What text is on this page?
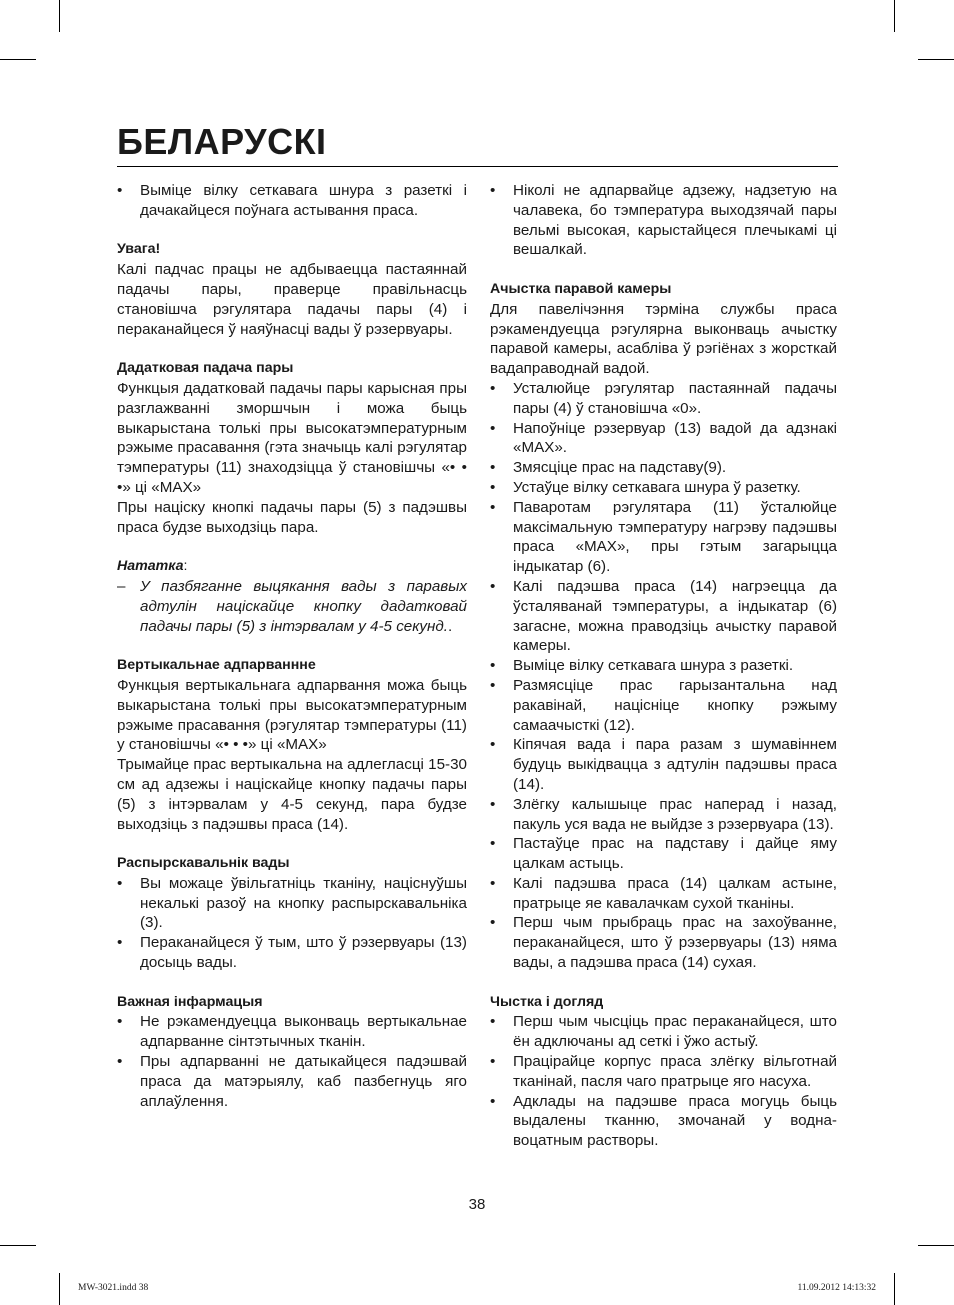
БЕЛАРУСКІ
•	Выміце вілку сеткавага шнура з разеткі і дачакайцеся поўнага астывання праса.

Увага!

Калі падчас працы не адбываецца пастаяннай падачы пары, праверце правільнасць становішча рэгулятара падачы пары (4) і пераканайцеся ў наяўнасці вады ў рэзервуары.

Дадатковая падача пары

Функцыя дадатковай падачы пары карысная пры разглажванні зморшчын і можа быць выкарыстана толькі пры высокатэмпературным рэжыме прасавання (гэта значыць калі рэгулятар тэмпературы (11) знаходзіцца ў становішчы «• • •» ці «MAX»

Пры націску кнопкі падачы пары (5) з падэшвы праса будзе выходзіць пара.

Нататка:

– У пазбяганне выцякання вады з паравых адтулін націскайце кнопку дадатковай падачы пары (5) з інтэрвалам у 4-5 секунд..

Вертыкальнае адпарваннне

Функцыя вертыкальнага адпарвання можа быць выкарыстана толькі пры высокатэмпературным рэжыме прасавання (рэгулятар тэмпературы (11) у становішчы «• • •» ці «MAX»

Трымайце прас вертыкальна на адлегласці 15-30 см ад адзежы і націскайце кнопку падачы пары (5) з інтэрвалам у 4-5 секунд, пара будзе выходзіць з падэшвы праса (14).

Распырскавальнік вады

•	Вы можаце ўвільгатніць тканіну, націснуўшы некалькі разоў на кнопку распырскавальніка (3).
•	Пераканайцеся ў тым, што ў рэзервуары (13) досыць вады.

Важная інфармацыя

•	Не рэкамендуецца выконваць вертыкальнае адпарванне сінтэтычных тканін.
•	Пры адпарванні не датыкайцеся падэшвай праса да матэрыялу, каб пазбегнуць яго аплаўлення.
•	Ніколі не адпарвайце адзежу, надзетую на чалавека, бо тэмпература выходзячай пары вельмі высокая, карыстайцеся плечыкамі ці вешалкай.

Ачыстка паравой камеры

Для павелічэння тэрміна службы праса рэкамендуецца рэгулярна выконваць ачыстку паравой камеры, асабліва ў рэгіёнах з жорсткай вадаправоднай вадой.

•	Усталюйце рэгулятар пастаяннай падачы пары (4) ў становішча «0».
•	Напоўніце рэзервуар (13) вадой да адзнакі «MAX».
•	Змясціце прас на падставу(9).
•	Устаўце вілку сеткавага шнура ў разетку.
•	Паваротам рэгулятара (11) ўсталюйце максімальную тэмпературу нагрэву падэшвы праса «MAX», пры гэтым загарыцца індыкатар (6).
•	Калі падэшва праса (14) нагрэецца да ўсталяванай тэмпературы, а індыкатар (6) загасне, можна праводзіць ачыстку паравой камеры.
•	Выміце вілку сеткавага шнура з разеткі.
•	Размясціце прас гарызантальна над ракавінай, націсніце кнопку рэжыму самаачысткі (12).
•	Кіпячая вада і пара разам з шумавіннем будуць выкідвацца з адтулін падэшвы праса (14).
•	Злёгку калышыце прас наперад і назад, пакуль уся вада не выйдзе з рэзервуара (13).
•	Пастаўце прас на падставу і дайце яму цалкам астыць.
•	Калі падэшва праса (14) цалкам астыне, пратрыце яе кавалачкам сухой тканіны.
•	Перш чым прыбраць прас на захоўванне, пераканайцеся, што ў рэзервуары (13) няма вады, а падэшва праса (14) сухая.

Чыстка і догляд

•	Перш чым чысціць прас пераканайцеся, што ён адключаны ад сеткі і ўжо астыў.
•	Працірайце корпус праса злёгку вільготнай тканінай, пасля чаго пратрыце яго насуха.
•	Адклады на падэшве праса могуць быць выдалены тканню, змочанай у водна-воцатным растворы.
38
MW-3021.indd 38	11.09.2012 14:13:32
